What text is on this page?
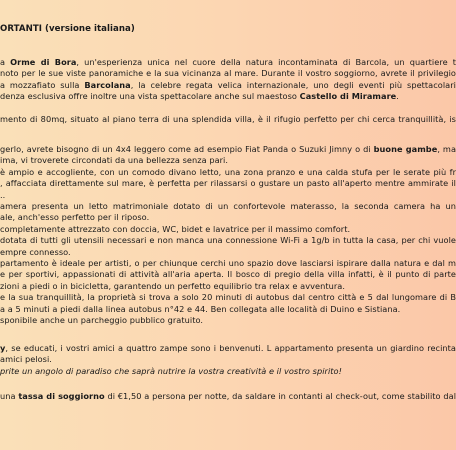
ORTANTI (versione italiana)
a Orme di Bora, un'esperienza unica nel cuore della natura incontaminata di Barcola, un quartiere t
noto per le sue viste panoramiche e la sua vicinanza al mare. Durante il vostro soggiorno, avrete il privilegio
a mozzafiato sulla Barcolana, la celebre regata velica internazionale, uno degli eventi più spettacolari
denza esclusiva offre inoltre una vista spettacolare anche sul maestoso Castello di Miramare.
mento di 80mq, situato al piano terra di una splendida villa, è il rifugio perfetto per chi cerca tranquillità, is
gerlo, avrete bisogno di un 4x4 leggero come ad esempio Fiat Panda o Suzuki Jimny o di buone gambe, ma
ima, vi troverete circondati da una bellezza senza pari.
è ampio e accogliente, con un comodo divano letto, una zona pranzo e una calda stufa per le serate più fr
, affacciata direttamente sul mare, è perfetta per rilassarsi o gustare un pasto all'aperto mentre ammirate il
..
amera presenta un letto matrimoniale dotato di un confortevole materasso, la seconda camera ha un
ale, anch'esso perfetto per il riposo.
completamente attrezzato con doccia, WC, bidet e lavatrice per il massimo comfort.
dotata di tutti gli utensili necessari e non manca una connessione Wi-Fi a 1g/b in tutta la casa, per chi vuole
empre connesso.
partamento è ideale per artisti, o per chiunque cerchi uno spazio dove lasciarsi ispirare dalla natura e dal m
e per sportivi, appassionati di attività all'aria aperta. Il bosco di pregio della villa infatti, è il punto di parte
zioni a piedi o in bicicletta, garantendo un perfetto equilibrio tra relax e avventura.
e la sua tranquillità, la proprietà si trova a solo 20 minuti di autobus dal centro città e 5 dal lungomare di B
a a 5 minuti a piedi dalla linea autobus n°42 e 44. Ben collegata alle località di Duino e Sistiana.
sponibile anche un parcheggio pubblico gratuito.
y, se educati, i vostri amici a quattro zampe sono i benvenuti. L appartamento presenta un giardino recinta
amici pelosi.
prite un angolo di paradiso che saprà nutrire la vostra creatività e il vostro spirito!
una tassa di soggiorno di €1,50 a persona per notte, da saldare in contanti al check-out, come stabilito dal
